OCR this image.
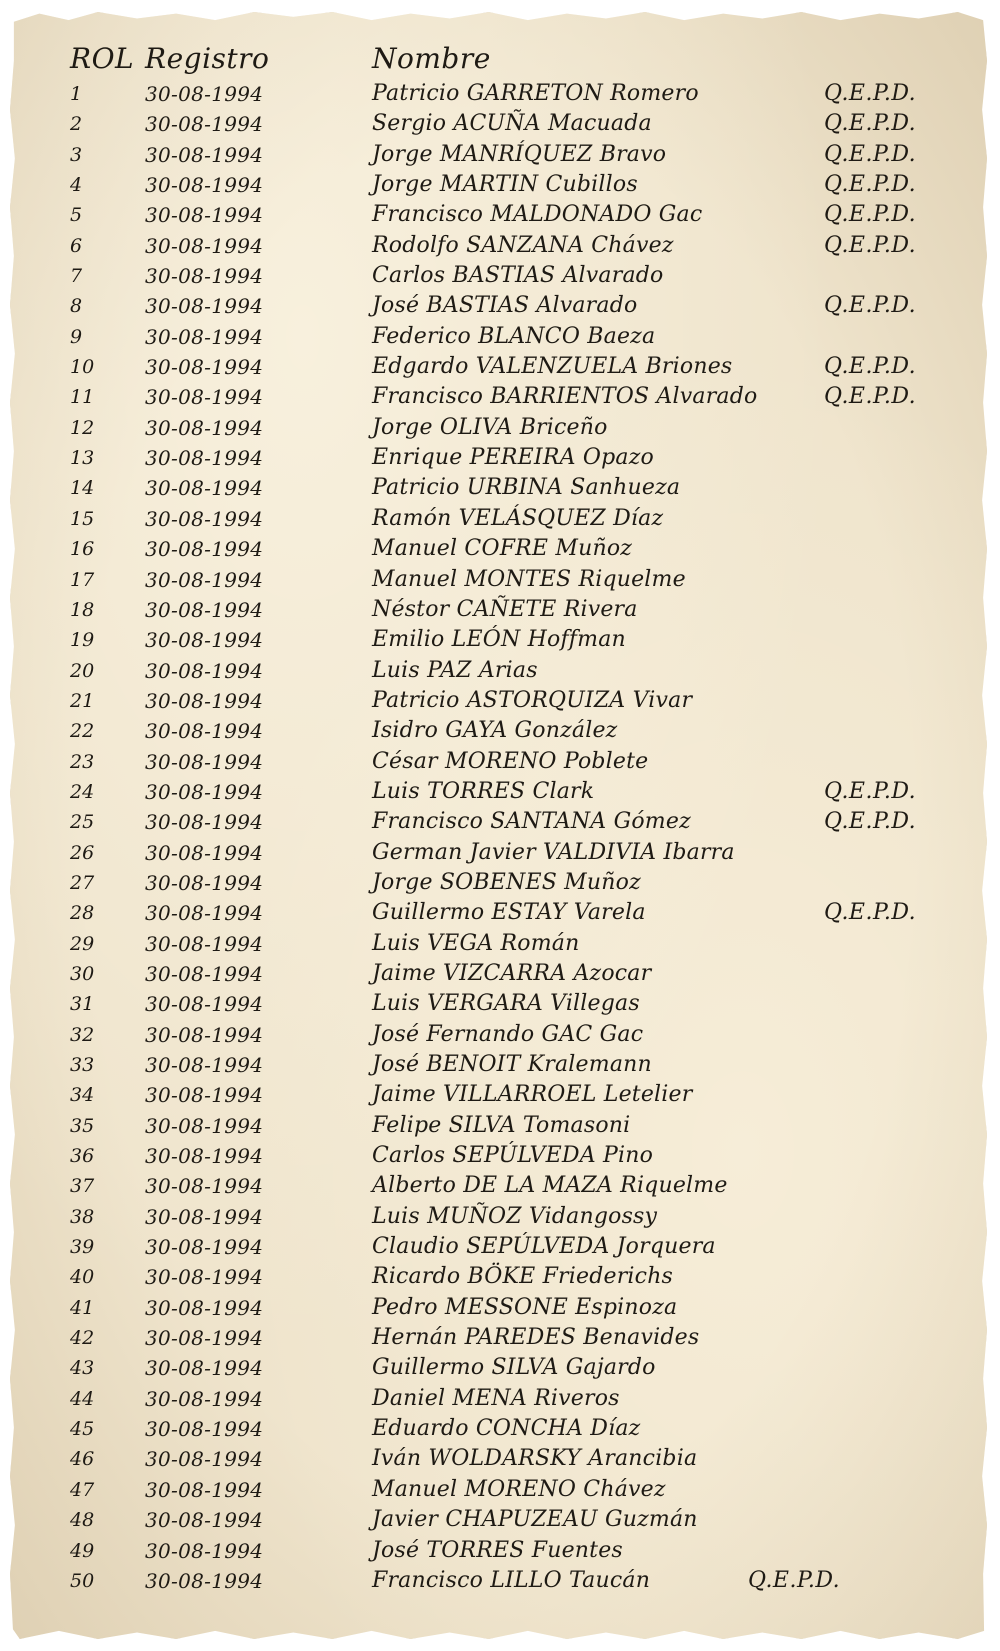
ROL Registro	Nombre
1	30-08-1994	Patricio GARRETON Romero	Q.E.P.D.
2	30-08-1994	Sergio ACUÑA Macuada	Q.E.P.D.
3	30-08-1994	Jorge MANRÍQUEZ Bravo	Q.E.P.D.
4	30-08-1994	Jorge MARTIN Cubillos	Q.E.P.D.
5	30-08-1994	Francisco MALDONADO Gac	Q.E.P.D.
6	30-08-1994	Rodolfo SANZANA Chávez	Q.E.P.D.
7	30-08-1994	Carlos BASTIAS Alvarado
8	30-08-1994	José BASTIAS Alvarado	Q.E.P.D.
9	30-08-1994	Federico BLANCO Baeza
10	30-08-1994	Edgardo VALENZUELA Briones	Q.E.P.D.
11	30-08-1994	Francisco BARRIENTOS Alvarado	Q.E.P.D.
12	30-08-1994	Jorge OLIVA Briceño
13	30-08-1994	Enrique PEREIRA Opazo
14	30-08-1994	Patricio URBINA Sanhueza
15	30-08-1994	Ramón VELÁSQUEZ Díaz
16	30-08-1994	Manuel COFRE Muñoz
17	30-08-1994	Manuel MONTES Riquelme
18	30-08-1994	Néstor CAÑETE Rivera
19	30-08-1994	Emilio LEÓN Hoffman
20	30-08-1994	Luis PAZ Arias
21	30-08-1994	Patricio ASTORQUIZA Vivar
22	30-08-1994	Isidro GAYA González
23	30-08-1994	César MORENO Poblete
24	30-08-1994	Luis TORRES Clark	Q.E.P.D.
25	30-08-1994	Francisco SANTANA Gómez	Q.E.P.D.
26	30-08-1994	German Javier VALDIVIA Ibarra
27	30-08-1994	Jorge SOBENES Muñoz
28	30-08-1994	Guillermo ESTAY Varela	Q.E.P.D.
29	30-08-1994	Luis VEGA Román
30	30-08-1994	Jaime VIZCARRA Azocar
31	30-08-1994	Luis VERGARA Villegas
32	30-08-1994	José Fernando GAC Gac
33	30-08-1994	José BENOIT Kralemann
34	30-08-1994	Jaime VILLARROEL Letelier
35	30-08-1994	Felipe SILVA Tomasoni
36	30-08-1994	Carlos SEPÚLVEDA Pino
37	30-08-1994	Alberto DE LA MAZA Riquelme
38	30-08-1994	Luis MUÑOZ Vidangossy
39	30-08-1994	Claudio SEPÚLVEDA Jorquera
40	30-08-1994	Ricardo BÖKE Friederichs
41	30-08-1994	Pedro MESSONE Espinoza
42	30-08-1994	Hernán PAREDES Benavides
43	30-08-1994	Guillermo SILVA Gajardo
44	30-08-1994	Daniel MENA Riveros
45	30-08-1994	Eduardo CONCHA Díaz
46	30-08-1994	Iván WOLDARSKY Arancibia
47	30-08-1994	Manuel MORENO Chávez
48	30-08-1994	Javier CHAPUZEAU Guzmán
49	30-08-1994	José TORRES Fuentes
50	30-08-1994	Francisco LILLO Taucán	Q.E.P.D.
